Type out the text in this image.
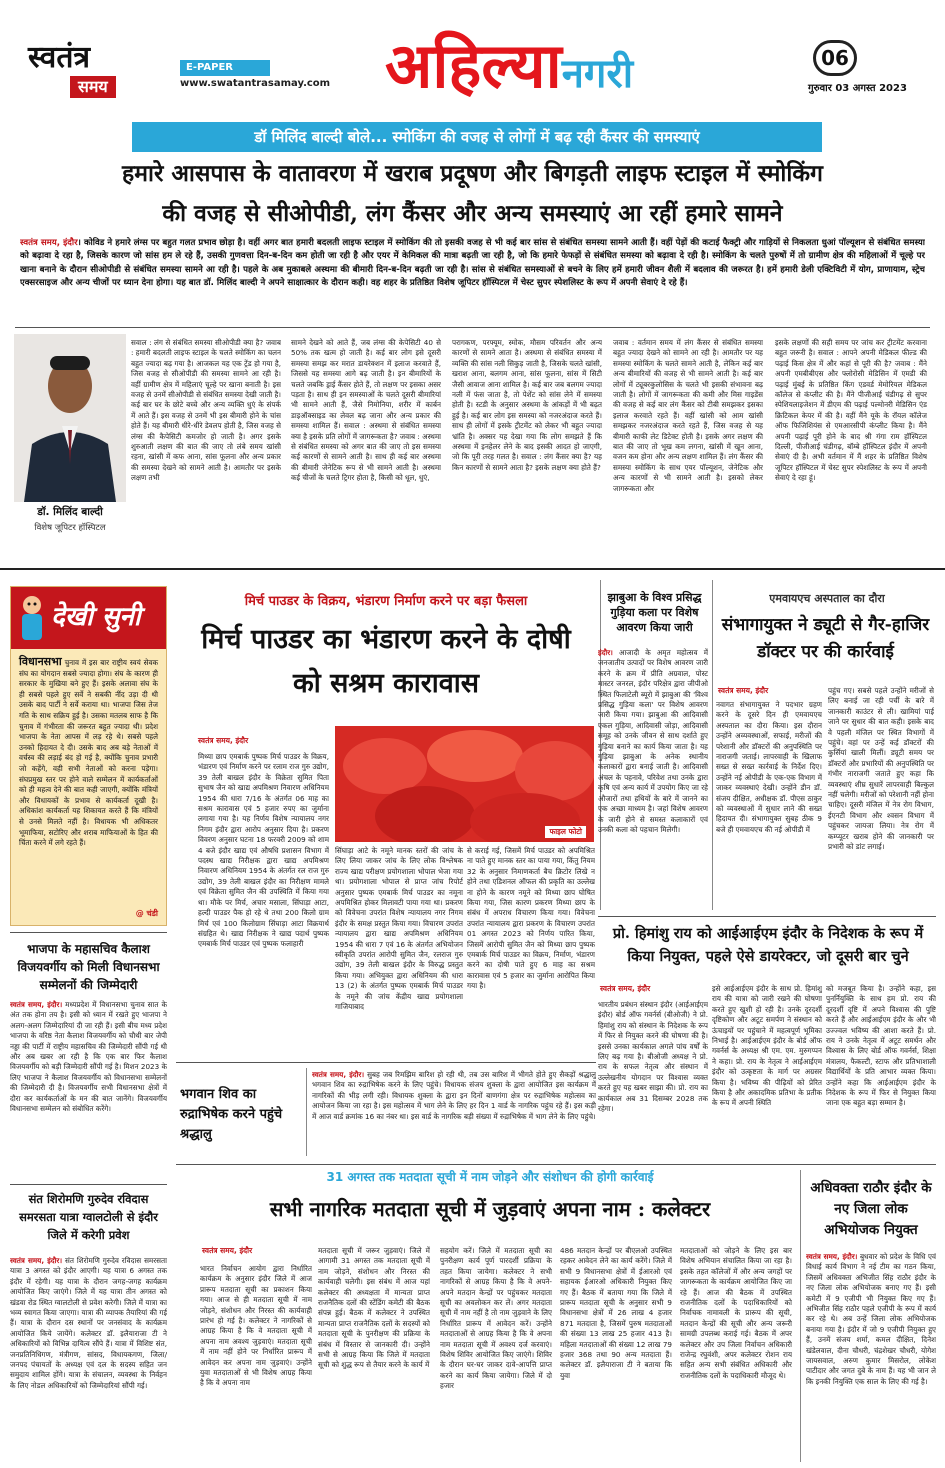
स्वतंत्र
समय
E-PAPER
www.swatantrasamay.com अहिल्यानगरी	06
गुरुवार 03 अगस्त 2023
डॉ मिलिंद बाल्दी बोले... स्मोकिंग की वजह से लोगों में बढ़ रही कैंसर की समस्याएं
हमारे आसपास के वातावरण में खराब प्रदूषण और बिगड़ती लाइफ स्टाइल में स्मोकिंग
की वजह से सीओपीडी, लंग कैंसर और अन्य समस्याएं आ रहीं हमारे सामने
स्वतंत्र समय, इंदौर। कोविड ने हमारे लंग्स पर बहुत गलत प्रभाव छोड़ा है। वहीं अगर बात हमारी बदलती लाइफ स्टाइल में स्मोकिंग की तो इसकी वजह से भी कई बार सांस से संबंधित समस्या सामने आती हैं। वहीं पेड़ों की कटाई फैक्ट्री और गाड़ियों से निकलता धुआं पॉल्यूशन से संबंधित समस्या को बढ़ावा दे रहा है, जिसके कारण जो सांस हम ले रहे हैं, उसकी गुणवत्ता दिन-ब-दिन कम होती जा रही है और एयर में केमिकल की मात्रा बढ़ती जा रही है, जो कि हमारे फेफड़ों से संबंधित समस्या को बढ़ावा दे रही है। स्मोकिंग के चलते पुरुषों में तो ग्रामीण क्षेत्र की महिलाओं में चूल्हे पर खाना बनाने के दौरान सीओपीडी से संबंधित समस्या सामने आ रही है। पहले के अब मुकाबले अस्थमा की बीमारी दिन-ब-दिन बढ़ती जा रही है। सांस से संबंधित समस्याओं से बचने के लिए हमें हमारी जीवन शैली में बदलाव की जरूरत है। हमें हमारी डेली एक्टिविटी में योग, प्राणायाम, स्ट्रेच एक्सरसाइज और अन्य चीजों पर ध्यान देना होगा। यह बात डॉ. मिलिंद बाल्दी ने अपने साक्षात्कार के दौरान कही। वह शहर के प्रतिष्ठित विशेष जूपिटर हॉस्पिटल में चेस्ट सुपर स्पेशलिस्ट के रूप में अपनी सेवाएं दे रहे हैं।
डॉ. मिलिंद बाल्दी
विशेष जूपिटर हॉस्पिटल
सवाल : लंग से संबंधित समस्या सीओपीडी क्या है? जवाब : हमारी बदलती लाइफ स्टाइल के चलते स्मोकिंग का चलन बहुत ज्यादा बढ़ गया है। आजकल यह एक ट्रेंड हो गया है, जिस वजह से सीओपीडी की समस्या सामने आ रही है। वहीं ग्रामीण क्षेत्र में महिलाएं चूल्हे पर खाना बनाती है। इस वजह से उनमें सीओपीडी से संबंधित समस्या देखी जाती है। कई बार घर के छोटे बच्चे और अन्य व्यक्ति धुएं के संपर्क में आते हैं। इस वजह से उनमें भी इस बीमारी होने के चांस होते हैं। यह बीमारी धीरे-धीरे डेवलप होती है, जिस वजह से लंग्स की कैपेसिटी कमजोर हो जाती है। अगर इसके शुरुआती लक्षण की बात की जाए तो लंबे समय खांसी रहना, खांसी में कफ आना, सांस फूलना और अन्य प्रकार की समस्या देखने को सामने आती है। आमतौर पर इसके लक्षण तभी
सामने देखने को आते हैं, जब लंग्स की केपेसिटी 40 से 50% तक खत्म हो जाती है। कई बार लोग इसे दूसरी समस्या समझ कर मरात डायरेक्शन में इलाज करवाते हैं, जिससे यह समस्या आगे बढ़ जाती है। इन बीमारियों के चलते जबकि ड्राई कैंसर होते हैं, तो लक्षण पर इसका असर पड़ता है। साथ ही इन समस्याओं के चलते दूसरी बीमारियां भी सामने आती हैं, जैसे निमोनिया, शरीर में कार्बन डाइऑक्साइड का लेवल बढ़ जाना और अन्य प्रकार की समस्या शामिल हैं। सवाल : अस्थमा से संबंधित समस्या क्या है इसके प्रति लोगों में जागरूकता है? जवाब : अस्थमा से संबंधित समस्या को अगर बात की जाए तो इस समस्या कई कारणों से सामने आती है। साथ ही कई बार अस्थमा की बीमारी जेनेटिक रूप से भी सामने आती है। अस्थमा कई चीजों के चलते ट्रिगर होता है, किसी को धूल, धुएं,
परागकण, परफ्यूम, स्मोक, मौसम परिवर्तन और अन्य कारणों से सामने आता है। अस्थमा से संबंधित समस्या में व्यक्ति की सांस नली सिकुड़ जाती है, जिसके चलते खांसी, खराश आना, बलगम आना, सांस फूलना, सांस में सिटी जैसी आवाज आना शामिल है। कई बार जब बलगम ज्यादा नली में फंस जाता है, तो पेशेंट को सांस लेने में समस्या होती है। स्टडी के अनुसार अस्थमा के आंकड़ों में भी बढ़त हुई है। कई बार लोग इस समस्या को नजरअंदाज करते हैं। साथ ही लोगों में इसके ट्रीटमेंट को लेकर भी बहुत ज्यादा भ्रांति है। अक्सर यह देखा गया कि लोग समझते हैं कि अस्थमा में इनहेलर लेने के बाद इसकी आदत हो जाएगी, जो कि पूरी तरह गलत है। सवाल : लंग कैंसर क्या है? यह किन कारणों से सामने आता है? इसके लक्षण क्या होते हैं?
जवाब : वर्तमान समय में लंग कैंसर से संबंधित समस्या बहुत ज्यादा देखने को सामने आ रही है। आमतौर पर यह समस्या स्मोकिंग के चलते सामने आती है, लेकिन कई बार अन्य बीमारियों की वजह से भी सामने आती है। कई बार लोगों में ट्यूबरकुलोसिस के चलते भी इसकी संभावना बढ़ जाती है। लोगों में जागरूकता की कमी और मिस गाइडेंस की वजह से कई बार लंग कैंसर को टीबी समझकर इसका इलाज करवाते रहते हैं। वहीं खांसी को आम खांसी समझकर नजरअंदाज करते रहते हैं, जिस वजह से यह बीमारी काफी लेट डिटेक्ट होती है। इसके अगर लक्षण की बात की जाए तो भूख कम लगना, खांसी में खून आना, वजन कम होना और अन्य लक्षण शामिल हैं। लंग कैंसर की समस्या स्मोकिंग के साथ एयर पॉल्यूशन, जेनेटिक और अन्य कारणों से भी सामने आती है। इसको लेकर जागरूकता और
इसके लक्षणों की सही समय पर जांच कर ट्रीटमेंट करवाना बहुत जरूरी है। सवाल : आपने अपनी मेडिकल फील्ड की पढ़ाई किस क्षेत्र में और कहां से पूरी की है? जवाब : मैंने अपनी एमबीबीएस और फ्लोरोसी मेडिसिन में एमडी की पढ़ाई मुंबई के प्रतिष्ठित किंग एडवर्ड मेमोरियल मेडिकल कॉलेज से कंप्लीट की है। मैंने पीजीआई चंडीगढ़ से सुपर स्पेशियलाइजेशन में डीएम की पढ़ाई पल्मोनरी मेडिसिन एंड क्रिटिकल केयर में की है। वहीं मैंने यूके के रॉयल कॉलेज ऑफ फिजिशियंस से एमआरसीपी कंप्लीट किया है। मैंने अपनी पढ़ाई पूरी होने के बाद श्री गंगा राम हॉस्पिटल दिल्ली, पीजीआई चंडीगढ़, बॉम्बे हॉस्पिटल इंदौर में अपनी सेवाएं दी है। अभी वर्तमान में मैं शहर के प्रतिष्ठित विशेष जूपिटर हॉस्पिटल में चेस्ट सुपर स्पेशलिस्ट के रूप में अपनी सेवाएं दे रहा हूं।
देखी सुनी
विधानसभा चुनाव में इस बार राष्ट्रीय स्वयं सेवक संघ का योगदान सबसे ज्यादा होगा। संघ के कारण ही सरकार के मुखिया बने हुए हैं। इसके अलावा संघ के ही सबसे पहले हुए सर्वे ने सबकी नींद उड़ा दी थी उसके बाद पार्टी ने सर्वे कराया था। भाजपा जिस तेज गति के साथ सक्रिय हुई है। उसका मतलब साफ है कि चुनाव में गंभीरता की जरूरत बहुत ज्यादा थी। प्रदेश भाजपा के नेता आपस में लड़ रहे थे। सबसे पहले उनको हिदायत दे दी। उसके बाद अब बड़े नेताओं में वर्चस्व की लड़ाई बंद हो गई है, क्योंकि चुनाव प्रभारी जो कहेंगे, वही सभी नेताओं को करना पड़ेगा। संघप्रमुख स्तर पर होने वाले सम्मेलन में कार्यकर्ताओं को ही महत्व देने की बात कही जाएगी, क्योंकि मंत्रियों और विधायकों के प्रभाव से कार्यकर्ता दूखी है। अधिकांश कार्यकर्ता यह शिकायत करते हैं कि मंत्रियों से उनसे मिलते नहीं है। विधायक भी अधिकतर भूमाफिया, सटोरिए और शराब माफियाओं के हित की चिंता करने में लगे रहते हैं।
@ चंडी
मिर्च पाउडर के विक्रय, भंडारण निर्माण करने पर बड़ा फैसला
मिर्च पाउडर का भंडारण करने के दोषी को सश्रम कारावास
स्वतंत्र समय, इंदौर
मिथ्या छाप एमबार्क पुष्पक मिर्च पाउडर के विक्रय, भंडारण एवं निर्माण करने पर रलाम राज गुरु उद्योग, 39 तेली बाखल इंदौर के विक्रेता सुमित पिता सुभाष जैन को खाद्य अपमिश्रण निवारण अधिनियम 1954 की धारा 7/16 के अंतर्गत 06 माह का सश्रम कारावास एवं 5 हजार रुपए का जुर्माना लगाया गया है। यह निर्णय विशेष न्यायालय नगर निगम इंदौर द्वारा आरोप अनुसार दिया है। प्रकरण विवरण अनुसार घटना 18 फरवरी 2009 को शाम 4 बजे इंदौर खाद्य एवं औषधि प्रशासन विभाग में पदस्थ खाद्य निरीक्षक द्वारा खाद्य अपमिश्रण निवारण अधिनियम 1954 के अंतर्गत रल राज गुरु उद्योग, 39 तेली बाखल इंदौर का निरीक्षण मामले एवं विक्रेता सुमित जैन की उपस्थिति में किया गया था। मौके पर मिर्च, अचार मसाला, सिंघाड़ा आटा, हल्दी पाउडर पैक हो रहे थे तथा 200 किलो ग्राम मिर्च एवं 100 किलोग्राम सिंघाड़ा आटा विक्रयार्थ संग्रहित थे। खाद्य निरीक्षक ने खाद्य पदार्थ पुष्पक एमबार्क मिर्च पाउडर एवं पुष्पक फलाहारी
फाइल फोटो
सिंघाड़ा आटे के नमूने मानक स्तरों की जांच के लिए लिया जाकर जांच के लिए लोक विश्लेषक राज्य खाद्य परीक्षण प्रयोगशाला भोपाल भेजा गया था। प्रयोगशाला भोपाल से प्राप्त जांच रिपोर्ट अनुसार पुष्पक एमबार्क मिर्च पाउडर का नमूना अपमिश्रित होकर मिलावटी पाया गया था। प्रकरण को विवेचना उपरांत विशेष न्यायालय नगर निगम इंदौर के समक्ष प्रस्तुत किया गया। विचारण उपरांत न्यायालय द्वारा खाद्य अपमिश्रण अधिनियम 1954 की धारा 7 एवं 16 के अंतर्गत अभियोजन स्वीकृति उपरांत आरोपी सुमित जैन, रलराज गुरु उद्योग, 39 तेली बाखल इंदौर के विरुद्ध प्रस्तुत किया गया। अभियुक्त द्वारा अधिनियम की धारा 13 (2) के अंतर्गत पुष्पक एमबार्क मिर्च पाउडर के नमूने की जांच केंद्रीय खाद्य प्रयोगशाला गाजियाबाद
से कराई गई, जिसमें मिर्च पाउडर को अपमिश्रित ना पाते हुए मानक स्तर का पाया गया, किंतु नियम 32 के अनुसार निमाणकर्ता बैच क्रिटोर लिखे न होने तथा एडिशनल ऑफल की प्रकृति का उल्लेख ना होने के कारण नमूने को मिथ्या छाप घोषित किया गया, जिस कारण प्रकरण मिथ्या छाप के संबंध में अपराध विचारण किया गया। विवेचना उपरांत न्यायालय द्वारा प्रकरण के विचारण उपरांत 01 अगस्त 2023 को निर्णय पारित किया, जिसमें आरोपी सुमित जैन को मिथ्या छाप पुष्पक एमबार्क मिर्च पाउडर का विक्रय, निर्माण, भंडारण करने का दोषी पाते हुए 6 माह का सश्रम कारावास एवं 5 हजार का जुर्माना आरोपित किया गया है।
झाबुआ के विश्व प्रसिद्ध गुड़िया कला पर विशेष आवरण किया जारी
इंदौर। आजादी के अमृत महोत्सव में जनजातीय उत्पादों पर विशेष आवरण जारी करने के क्रम में प्रीति अग्रवाल, पोस्ट मास्टर जनरल, इंदौर परिक्षेत्र द्वारा जीपीओ स्थित फिलाटेली ब्यूरो में झाबुआ की 'विश्व प्रसिद्ध गुड़िया कला' पर विशेष आवरण जारी किया गया। झाबुआ की आदिवासी एकल गुड़िया, आदिवासी जोड़ा, आदिवासी समूह को उनके जीवन से साथ दर्शाते हुए गुड़िया बनाने का कार्य किया जाता है। यह गुड़िया झाबुआ के अनेक स्थानीय कलाकारों द्वारा बनाई जाती है। आदिवासी अंचल के पहनावे, परिवेश तथा उनके द्वारा कृषि एवं अन्य कार्य में उपयोग किए जा रहे औजारों तथा हथियों के बारे में जानने का एक अच्छा माध्यम है। जहां विशेष आवरण के जारी होने से समस्त कलाकारों एवं उनकी कला को पहचान मिलेगी।
एमवायएच अस्पताल का दौरा
संभागायुक्त ने ड्यूटी से गैर-हाजिर डॉक्टर पर की कार्रवाई
स्वतंत्र समय, इंदौर
नवागत संभागायुक्त ने पदभार ग्रहण करने के दूसरे दिन ही एमवायएच अस्पताल का दौरा किया। इस दौरान उन्होंने अव्यवस्थाओं, सफाई, मरीजों की परेशानी और डॉक्टरों की अनुपस्थिति पर नाराजगी जताई। लापरवाही के खिलाफ सख्त से सख्त कार्रवाई के निर्देश दिए। उन्होंने नई ओपीडी के एक-एक विभाग में जाकर व्यवस्थाएं देखी। उन्होंने डीन डॉ. संजय दीक्षित, अधीक्षक डॉ. पीएस ठाकुर को व्यवस्थाओं में सुधार लाने की सख्त हिदायत दी। संभागायुक्त सुबह ठीक 9 बजे ही एमवायएच की नई ओपीडी में
पहुंच गए। सबसे पहले उन्होंने मरीजों से लिए बनाई जा रही पर्ची के बारे में जानकारी काउंटर से ली। खामियां पाई जाने पर सुधार की बात कही। इसके बाद वे पहली मंजिल पर स्थित विभागों में पहुंचे। वहां पर उन्हें कई डॉक्टरों की कुर्सियां खाली मिलीं। ड्यूटी समय पर डॉक्टरों और प्रभारियों की अनुपस्थिति पर गंभीर नाराजगी जताते हुए कहा कि व्यवस्थाएं शीघ्र सुधारें लापरवाही बिल्कुल नहीं चलेगी। मरीजों को परेशानी नहीं होना चाहिए। दूसरी मंजिल में नेत्र रोग विभाग, ईएनटी विभाग और श्वसन विभाग में पहुंचकर जायजा लिया। नेत्र रोग में कम्प्यूटर खराब होने की जानकारी पर प्रभारी को डांट लगाई।
प्रो. हिमांशु राय को आईआईएम इंदौर के निदेशक के रूप में किया नियुक्त, पहले ऐसे डायरेक्टर, जो दूसरी बार चुने
स्वतंत्र समय, इंदौर
भारतीय प्रबंधन संस्थान इंदौर (आईआईएम इंदौर) बोर्ड ऑफ गवर्नर्स (बीओजी) ने प्रो. हिमांशु राय को संस्थान के निदेशक के रूप में फिर से नियुक्त करने की घोषणा की है। इससे उनका कार्यकाल अगले पांच वर्षों के लिए बढ़ गया है। बीओजी अध्यक्ष ने प्रो. राय के सफल नेतृत्व और संस्थान में उल्लेखनीय योगदान पर विश्वास व्यक्त करते हुए यह खबर साझा की। प्रो. राय का कार्यकाल अब 31 दिसम्बर 2028 तक रहेगा।
इसे आईआईएम इंदौर के साथ प्रो. हिमांशु राय की यात्रा को जारी रखने की घोषणा करते हुए खुशी हो रही है। उनके दूरदर्शी दृष्टिकोण और अटूट समर्पण ने संस्थान को ऊंचाइयों पर पहुंचाने में महत्वपूर्ण भूमिका निभाई है। आईआईएम इंदौर के बोर्ड ऑफ गवर्नर्स के अध्यक्ष श्री एम. एम. मुरुगप्पन ने कहा। प्रो. राय के नेतृत्व ने आईआईएम इंदौर को उत्कृष्टता के मार्ग पर अग्रसर किया है। भविष्य की पीढ़ियों को प्रेरित किया है और अकादमिक प्रतिभा के प्रतीक के रूप में अपनी स्थिति
को मजबूत किया है। उन्होंने कहा, इस पुनर्नियुक्ति के साथ हम प्रो. राय की दूरदर्शी दृष्टि में अपने विश्वास की पुष्टि करते हैं और आईआईएम इंदौर के और भी उज्ज्वल भविष्य की आशा करते हैं। प्रो. राय ने उनके नेतृत्व में अटूट समर्थन और विश्वास के लिए बोर्ड ऑफ गवर्नर्स, शिक्षा मंत्रालय, फैकल्टी, स्टाफ और प्रतिभाशाली विद्यार्थियों के प्रति आभार व्यक्त किया। उन्होंने कहा कि आईआईएम इंदौर के निदेशक के रूप में फिर से नियुक्त किया जाना एक बहुत बड़ा सम्मान है।
भाजपा के महासचिव कैलाश विजयवर्गीय को मिली विधानसभा सम्मेलनों की जिम्मेदारी
स्वतंत्र समय, इंदौर। मध्यप्रदेश में विधानसभा चुनाव सात के अंत तक होना तय है। इसी को ध्यान में रखते हुए भाजपा ने अलग-अलग जिम्मेदारियां दी जा रही हैं। इसी बीच मध्य प्रदेश भाजपा के वरिष्ठ नेता कैलाश विजयवर्गीय को चौथी बार जेपी नड्डा की पार्टी में राष्ट्रीय महासचिव की जिम्मेदारी सौंपी गई थी और अब खबर आ रही है कि एक बार फिर कैलाश विजयवर्गीय को बड़ी जिम्मेदारी सौंपी गई है। मिशन 2023 के लिए भाजपा ने कैलाश विजयवर्गीय को विधानसभा सम्मेलनों की जिम्मेदारी दी है। विजयवर्गीय सभी विधानसभा क्षेत्रों में दौरा कर कार्यकर्ताओं के मन की बात जानेंगे। विजयवर्गीय विधानसभा सम्मेलन को संबोधित करेंगे।
भगवान शिव का रुद्राभिषेक करने पहुंचे श्रद्धालु
स्वतंत्र समय, इंदौर। सुबह जब रिमझिम बारिश हो रही थी, तब उस बारिश में भीगते होते हुए सैकड़ों श्रद्धालु भगवान शिव का रुद्राभिषेक करने के लिए पहुंचे। विधायक संजय शुक्ला के द्वारा आयोजित इस कार्यक्रम में नागरिकों की भीड़ लगी रही। विधायक शुक्ला के द्वारा इन दिनों बाणगंगा क्षेत्र पर रुद्राभिषेक महोत्सव का आयोजन किया जा रहा है। इस महोत्सव में भाग लेने के लिए हर दिन 1 वार्ड के नागरिक पहुंच रहे हैं। इस कड़ी में आज वार्ड क्रमांक 16 का नंबर था। इस वार्ड के नागरिक बड़ी संख्या में रुद्राभिषेक में भाग लेने के लिए पहुंचे।
31 अगस्त तक मतदाता सूची में नाम जोड़ने और संशोधन की होगी कार्रवाई
सभी नागरिक मतदाता सूची में जुड़वाएं अपना नाम : कलेक्टर
स्वतंत्र समय, इंदौर
भारत निर्वाचन आयोग द्वारा निर्धारित कार्यक्रम के अनुसार इंदौर जिले में आज प्रारूप मतदाता सूची का प्रकाशन किया गया। आज से ही मतदाता सूची में नाम जोड़ने, संशोधन और निरस्त की कार्यवाही प्रारंभ हो गई है। कलेक्टर ने नागरिकों से आग्रह किया है कि वे मतदाता सूची में अपना नाम अवश्य जुड़वाएं। मतदाता सूची में नाम नहीं होने पर निर्धारित प्रारूप में आवेदन कर अपना नाम जुड़वाएं। उन्होंने युवा मतदाताओं से भी विशेष आग्रह किया है कि वे अपना नाम
मतदाता सूची में जरूर जुड़वाएं। जिले में आगामी 31 अगस्त तक मतदाता सूची में नाम जोड़ने, संशोधन और निरस्त की कार्यवाही चलेगी। इस संबंध में आज यहां कलेक्टर की अध्यक्षता में मान्यता प्राप्त राजनैतिक दलों की स्टेंडिंग कमेटी की बैठक संपन्न हुई। बैठक में कलेक्टर ने उपस्थित मान्यता प्राप्त राजनैतिक दलों के सदस्यों को मतदाता सूची के पुनरीक्षण की प्रक्रिया के संबंध में विस्तार से जानकारी दी। उन्होंने सभी से आग्रह किया कि जिले में मतदाता सूची को शुद्ध रूप से तैयार करने के कार्य में
सहयोग करें। जिले में मतदाता सूची का पुनरीक्षण कार्य पूर्ण पारदर्शी प्रक्रिया के तहत किया जायेगा। कलेक्टर ने सभी नागरिकों से आग्रह किया है कि वे अपने-अपने मतदान केन्द्रों पर पहुंचकर मतदाता सूची का अवलोकन कर लें। अगर मतदाता सूची में नाम नहीं है तो नाम जुड़वाने के लिए निर्धारित प्रारूप में आवेदन करें। उन्होंने मतदाताओं से आग्रह किया है कि वे अपना नाम मतदाता सूची में अवश्य दर्ज करवाएं। विशेष शिविर आयोजित किए जाएंगे। शिविर के दौरान घर-घर जाकर दावे-आपत्ति प्राप्त करने का कार्य किया जायेगा। जिले में दो हजार
486 मतदान केन्द्रों पर बीएलओ उपस्थित रहकर आवेदन लेने का कार्य करेंगे। जिले में सभी 9 विधानसभा क्षेत्रों में ईआरओ एवं सहायक ईआरओ अधिकारी नियुक्त किए गए हैं। बैठक में बताया गया कि जिले में प्रारूप मतदाता सूची के अनुसार सभी 9 विधानसभा क्षेत्रों में 26 लाख 4 हजार 871 मतदाता है, जिसमें पुरुष मतदाताओं की संख्या 13 लाख 25 हजार 413 है। महिला मतदाताओं की संख्या 12 लाख 79 हजार 368 तथा 90 अन्य मतदाता हैं। कलेक्टर डॉ. इलैयाराजा टी ने बताया कि युवा
मतदाताओं को जोड़ने के लिए इस बार विशेष अभियान संचालित किया जा रहा है। इसके तहत कॉलेजों में और अन्य जगहों पर जागरूकता के कार्यक्रम आयोजित किए जा रहे हैं। आज की बैठक में उपस्थित राजनीतिक दलों के पदाधिकारियों को निर्वाचक नामावली के प्रारूप की सूची, मतदान केन्द्रों की सूची और अन्य जरूरी सामग्री उपलब्ध कराई गई। बैठक में अपर कलेक्टर और उप जिला निर्वाचन अधिकारी राजेन्द्र रघुवंशी, अपर कलेक्टर रोशन राय सहित अन्य सभी संबंधित अधिकारी और राजनीतिक दलों के पदाधिकारी मौजूद थे।
संत शिरोमणि गुरुदेव रविदास समरसता यात्रा ग्वालटोली से इंदौर जिले में करेगी प्रवेश
स्वतंत्र समय, इंदौर। संत शिरोमणि गुरुदेव रविदास समरसता यात्रा 3 अगस्त को इंदौर आएगी। यह यात्रा 6 अगस्त तक इंदौर में रहेगी। यह यात्रा के दौरान जगह-जगह कार्यक्रम आयोजित किए जाएंगे। जिले में यह यात्रा तीन अगस्त को खंडवा रोड स्थित ग्वालटोली से प्रवेश करेगी। जिले में यात्रा का भव्य स्वागत किया जाएगा। यात्रा की व्यापक तैयारियां की गई हैं। यात्रा के दौरान दस स्थानों पर जनसंवाद के कार्यक्रम आयोजित किये जायेंगे। कलेक्टर डॉ. इलैयाराजा टी ने अधिकारियों को विभिन्न दायित्व सौंपे हैं। यात्रा में विशिष्ट संत, जनप्रतिनिधिगण, मंत्रीगण, सांसद, विधायकगण, जिला/जनपद पंचायतों के अध्यक्ष एवं दल के सदस्य सहित जन समुदाय शामिल होंगे। यात्रा के संचालन, व्यवस्था के निर्वहन के लिए नोडल अधिकारियों को जिम्मेदारियां सौंपी गई।
अधिवक्ता राठौर इंदौर के नए जिला लोक अभियोजक नियुक्त
स्वतंत्र समय, इंदौर। बुधवार को प्रदेश के विधि एवं विधाई कार्य विभाग ने नई टीम का गठन किया, जिसमें अधिवक्ता अभिजीत सिंह राठौर इंदौर के नए जिला लोक अभियोजक बनाए गए हैं। इसी कमेटी में 9 एजीपी भी नियुक्त किए गए हैं। अभिजीत सिंह राठौर पहले एजीपी के रूप में कार्य कर रहे थे। अब उन्हें जिला लोक अभियोजक बनाया गया है। इंदौर में जो 9 एजीपी नियुक्त हुए हैं, उनमें संजय शर्मा, कमल दीक्षित, दिनेश खंडेलवाल, दीना चौधरी, चंद्रशेखर चौधरी, योगेश जायसवाल, अरुण कुमार मिसरोल, लोकेश पाटीदार और जगत दुबे के नाम हैं। यह भी जान ले कि इनकी नियुक्ति एक साल के लिए की गई है।
